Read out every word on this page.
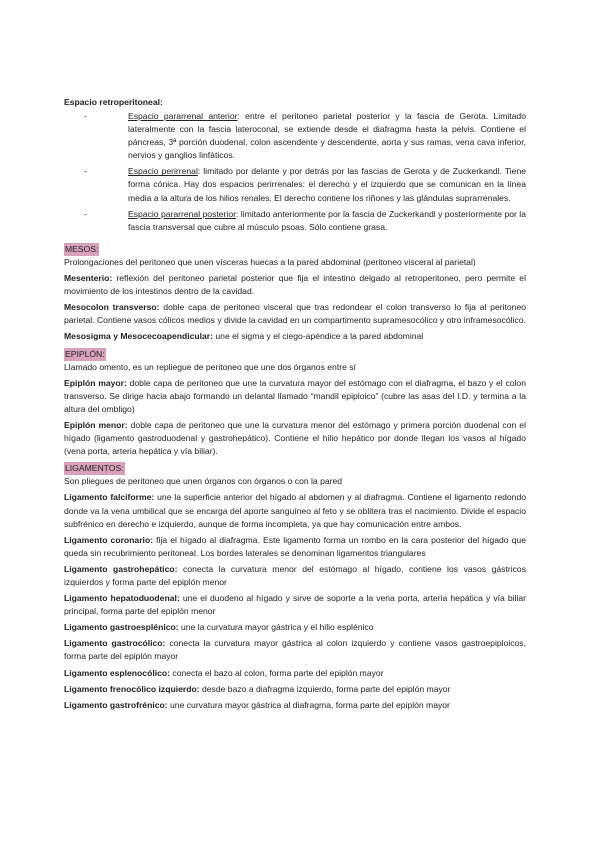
Espacio retroperitoneal:

-	Espacio pararrenal anterior: entre el peritoneo parietal posterior y la fascia de Gerota. Limitado lateralmente con la fascia lateroconal, se extiende desde el diafragma hasta la pelvis. Contiene el páncreas, 3ª porción duodenal, colon ascendente y descendente, aorta y sus ramas, vena cava inferior, nervios y ganglios linfáticos.
-	Espacio perirrenal: limitado por delante y por detrás por las fascias de Gerota y de Zuckerkandl. Tiene forma cónica. Hay dos espacios perirrenales: el derecho y el izquierdo que se comunican en la línea media a la altura de los hilios renales. El derecho contiene los riñones y las glándulas suprarrenales.
-	Espacio pararrenal posterior: limitado anteriormente por la fascia de Zuckerkandl y posteriormente por la fascia transversal que cubre al músculo psoas. Sólo contiene grasa.

MESOS:

Prolongaciones del peritoneo que unen vísceras huecas a la pared abdominal (peritoneo visceral al parietal)

Mesenterio: reflexión del peritoneo parietal posterior que fija el intestino delgado al retroperitoneo, pero permite el movimiento de los intestinos dentro de la cavidad.

Mesocolon transverso: doble capa de peritoneo visceral que tras redondear el colon transverso lo fija al peritoneo parietal. Contiene vasos cólicos medios y divide la cavidad en un compartimento supramesocólico y otro inframesocólico.

Mesosigma y Mesocecoapendicular: une el sigma y el ciego-apéndice a la pared abdominal

EPIPLÓN:

Llamado omento, es un repliegue de peritoneo que une dos órganos entre sí

Epiplón mayor: doble capa de peritoneo que une la curvatura mayor del estómago con el diafragma, el bazo y el colon transverso. Se dirige hacia abajo formando un delantal llamado “mandil epiploico” (cubre las asas del I.D. y termina a la altura del ombligo)

Epiplón menor: doble capa de peritoneo que une la curvatura menor del estómago y primera porción duodenal con el hígado (ligamento gastroduodenal y gastrohepático). Contiene el hilio hepático por donde llegan los vasos al hígado (vena porta, arteria hepática y vía biliar).

LIGAMENTOS:

Son pliegues de peritoneo que unen órganos con órganos o con la pared

Ligamento falciforme: une la superficie anterior del hígado al abdomen y al diafragma. Contiene el ligamento redondo donde va la vena umbilical que se encarga del aporte sanguíneo al feto y se oblitera tras el nacimiento. Divide el espacio subfrénico en derecho e izquierdo, aunque de forma incompleta, ya que hay comunicación entre ambos.

Ligamento coronario: fija el hígado al diafragma. Este ligamento forma un rombo en la cara posterior del hígado que queda sin recubrimiento peritoneal. Los bordes laterales se denominan ligamentos triangulares

Ligamento gastrohepático: conecta la curvatura menor del estómago al hígado, contiene los vasos gástricos izquierdos y forma parte del epiplón menor

Ligamento hepatoduodenal: une el duodeno al hígado y sirve de soporte a la vena porta, arteria hepática y vía biliar principal, forma parte del epiplón menor

Ligamento gastroesplénico: une la curvatura mayor gástrica y el hilio esplénico

Ligamento gastrocólico: conecta la curvatura mayor gástrica al colon izquierdo y contiene vasos gastroepiploicos, forma parte del epiplón mayor

Ligamento esplenocólico: conecta el bazo al colon, forma parte del epiplón mayor

Ligamento frenocólico izquierdo: desde bazo a diafragma izquierdo, forma parte del epiplón mayor

Ligamento gastrofrénico: une curvatura mayor gástrica al diafragma, forma parte del epiplón mayor
